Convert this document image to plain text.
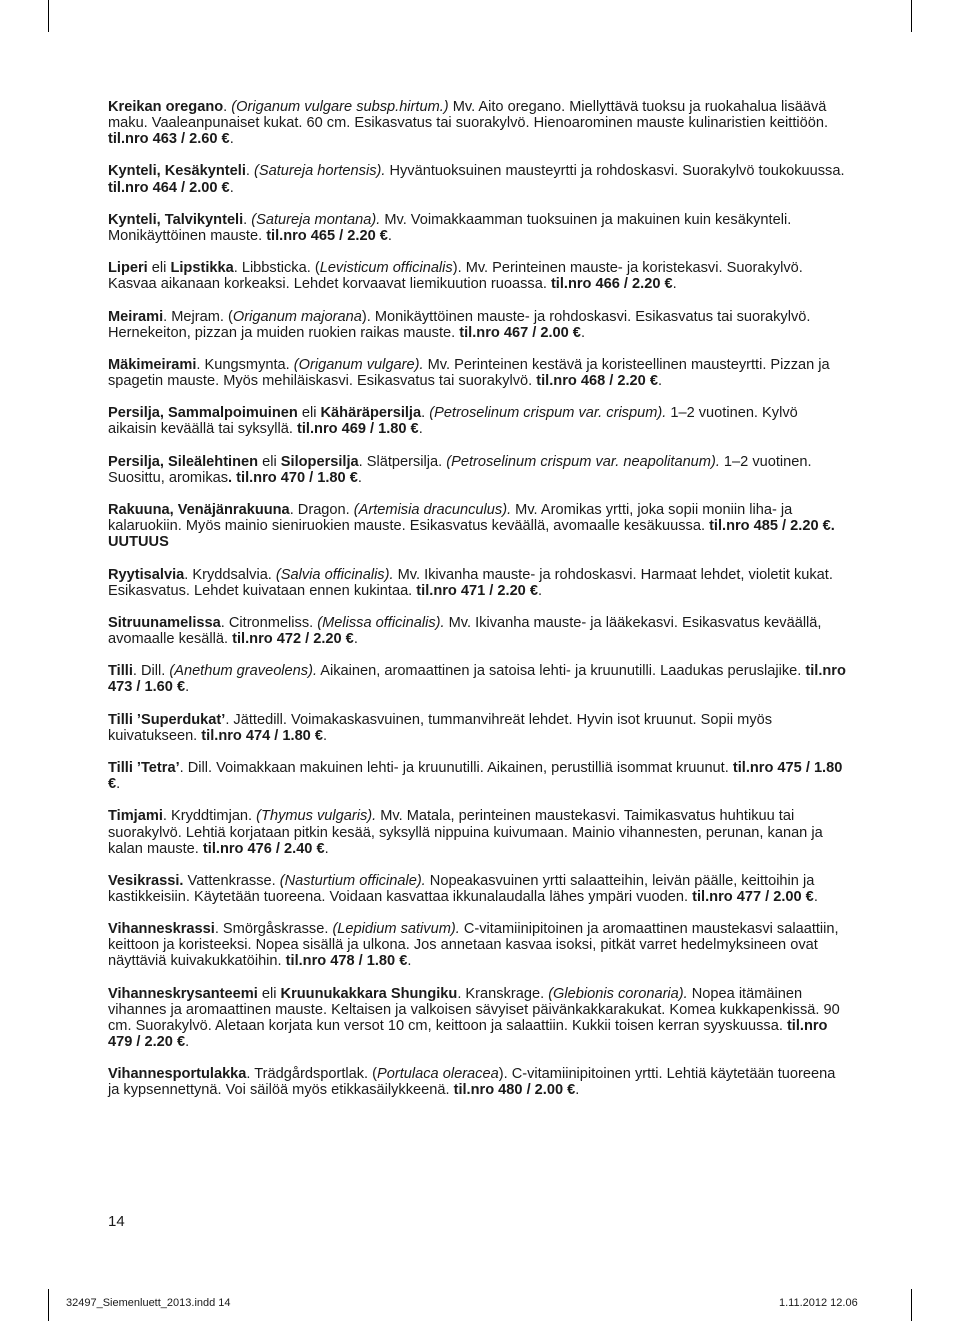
Kreikan oregano. (Origanum vulgare subsp.hirtum.) Mv. Aito oregano. Miellyttävä tuoksu ja ruokahalua lisäävä maku. Vaaleanpunaiset kukat. 60 cm. Esikasvatus tai suorakylvö. Hienoarominen mauste kulinaristien keittiöön. til.nro 463 / 2.60 €.

Kynteli, Kesäkynteli. (Satureja hortensis). Hyväntuoksuinen mausteyrtti ja rohdoskasvi. Suorakylvö toukokuussa. til.nro 464 / 2.00 €.

Kynteli, Talvikynteli. (Satureja montana). Mv. Voimakkaamman tuoksuinen ja makuinen kuin kesäkynteli. Monikäyttöinen mauste. til.nro 465 / 2.20 €.

Liperi eli Lipstikka. Libbsticka. (Levisticum officinalis). Mv. Perinteinen mauste- ja koristekasvi. Suorakylvö. Kasvaa aikanaan korkeaksi. Lehdet korvaavat liemikuution ruoassa. til.nro 466 / 2.20 €.

Meirami. Mejram. (Origanum majorana). Monikäyttöinen mauste- ja rohdoskasvi. Esikasvatus tai suorakylvö. Hernekeiton, pizzan ja muiden ruokien raikas mauste. til.nro 467 / 2.00 €.

Mäkimeirami. Kungsmynta. (Origanum vulgare). Mv. Perinteinen kestävä ja koristeellinen mausteyrtti. Pizzan ja spagetin mauste. Myös mehiläiskasvi. Esikasvatus tai suorakylvö. til.nro 468 / 2.20 €.

Persilja, Sammalpoimuinen eli Kähäräpersilja. (Petroselinum crispum var. crispum). 1–2 vuotinen. Kylvö aikaisin keväällä tai syksyllä. til.nro 469 / 1.80 €.

Persilja, Sileälehtinen eli Silopersilja. Slätpersilja. (Petroselinum crispum var. neapolitanum). 1–2 vuotinen. Suosittu, aromikas. til.nro 470 / 1.80 €.

Rakuuna, Venäjänrakuuna. Dragon. (Artemisia dracunculus). Mv. Aromikas yrtti, joka sopii moniin liha- ja kalaruokiin. Myös mainio sieniruokien mauste. Esikasvatus keväällä, avomaalle kesäkuussa. til.nro 485 / 2.20 €. UUTUUS

Ryytisalvia. Kryddsalvia. (Salvia officinalis). Mv. Ikivanha mauste- ja rohdoskasvi. Harmaat lehdet, violetit kukat. Esikasvatus. Lehdet kuivataan ennen kukintaa. til.nro 471 / 2.20 €.

Sitruunamelissa. Citronmeliss. (Melissa officinalis). Mv. Ikivanha mauste- ja lääkekasvi. Esikasvatus keväällä, avomaalle kesällä. til.nro 472 / 2.20 €.

Tilli. Dill. (Anethum graveolens). Aikainen, aromaattinen ja satoisa lehti- ja kruunutilli. Laadukas peruslajike. til.nro 473 / 1.60 €.

Tilli ’Superdukat’. Jättedill. Voimakaskasvuinen, tummanvihreät lehdet. Hyvin isot kruunut. Sopii myös kuivatukseen. til.nro 474 / 1.80 €.

Tilli ’Tetra’. Dill. Voimakkaan makuinen lehti- ja kruunutilli. Aikainen, perustilliä isommat kruunut. til.nro 475 / 1.80 €.

Timjami. Kryddtimjan. (Thymus vulgaris). Mv. Matala, perinteinen maustekasvi. Taimikasvatus huhtikuu tai suorakylvö. Lehtiä korjataan pitkin kesää, syksyllä nippuina kuivumaan. Mainio vihannesten, perunan, kanan ja kalan mauste. til.nro 476 / 2.40 €.

Vesikrassi. Vattenkrasse. (Nasturtium officinale). Nopeakasvuinen yrtti salaatteihin, leivän päälle, keittoihin ja kastikkeisiin. Käytetään tuoreena. Voidaan kasvattaa ikkunalaudalla lähes ympäri vuoden. til.nro 477 / 2.00 €.

Vihanneskrassi. Smörgåskrasse. (Lepidium sativum). C-vitamiinipitoinen ja aromaattinen maustekasvi salaattiin, keittoon ja koristeeksi. Nopea sisällä ja ulkona. Jos annetaan kasvaa isoksi, pitkät varret hedelmyksineen ovat näyttäviä kuivakukkatöihin. til.nro 478 / 1.80 €.

Vihanneskrysanteemi eli Kruunukakkara Shungiku. Kranskrage. (Glebionis coronaria). Nopea itämäinen vihannes ja aromaattinen mauste. Keltaisen ja valkoisen sävyiset päivänkakkarakukat. Komea kukkapenkissä. 90 cm. Suorakylvö. Aletaan korjata kun versot 10 cm, keittoon ja salaattiin. Kukkii toisen kerran syyskuussa. til.nro 479 / 2.20 €.

Vihannesportulakka. Trädgårdsportlak. (Portulaca oleracea). C-vitamiinipitoinen yrtti. Lehtiä käytetään tuoreena ja kypsennettynä. Voi säilöä myös etikkasäilykkeenä. til.nro 480 / 2.00 €.

14
32497_Siemenluett_2013.indd 14	1.11.2012 12.06
